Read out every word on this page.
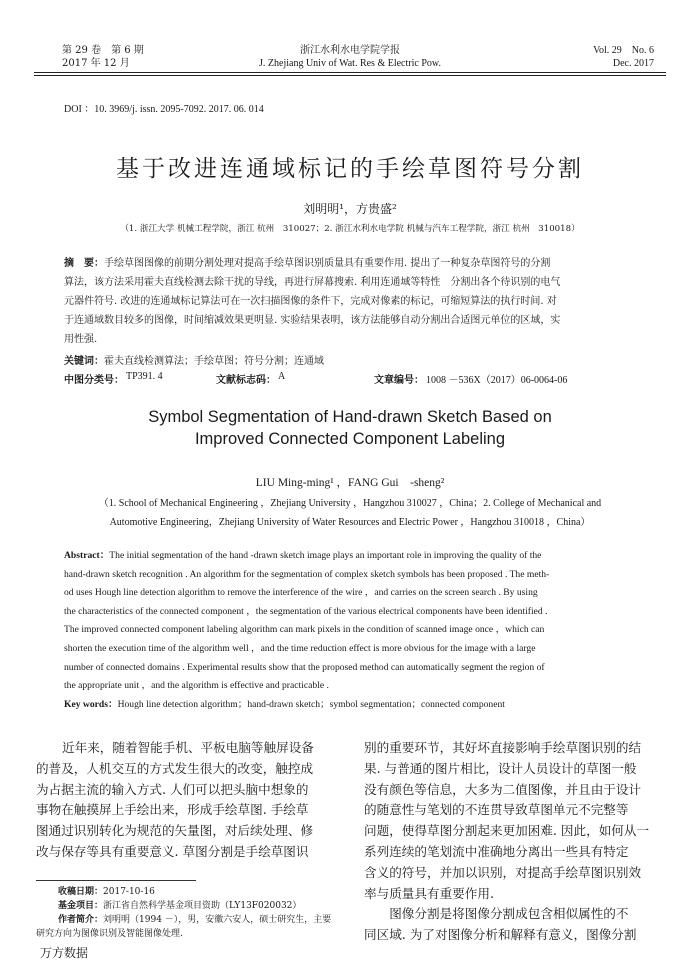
第 29 卷　第 6 期
2017 年 12 月
浙江水利水电学院学报
J. Zhejiang Univ of Wat. Res & Electric Pow.
Vol. 29　No. 6
Dec. 2017
DOI ：10. 3969/j. issn. 2095-7092. 2017. 06. 014
基于改进连通域标记的手绘草图符号分割
刘明明¹，方贵盛²
（1. 浙江大学 机械工程学院，浙江 杭州　310027；2. 浙江水利水电学院 机械与汽车工程学院，浙江 杭州　310018）
摘　要：手绘草图图像的前期分割处理对提高手绘草图识别质量具有重要作用. 提出了一种复杂草图符号的分割
算法，该方法采用霍夫直线检测去除干扰的导线，再进行屏幕搜索. 利用连通域等特性　分割出各个待识别的电气
元器件符号. 改进的连通域标记算法可在一次扫描图像的条件下，完成对像素的标记，可缩短算法的执行时间. 对
于连通域数目较多的图像，时间缩减效果更明显. 实验结果表明，该方法能够自动分割出合适图元单位的区域，实
用性强.
关键词：霍夫直线检测算法；手绘草图；符号分割；连通域
中图分类号： TP391. 4	文献标志码： A	文章编号： 1008 －536X（2017）06-0064-06
Symbol Segmentation of Hand-drawn Sketch Based on
Improved Connected Component Labeling
LIU Ming-ming¹ ，FANG Gui　-sheng²
（1. School of Mechanical Engineering ，Zhejiang University ，Hangzhou 310027 ，China；2. College of Mechanical and
Automotive Engineering，Zhejiang University of Water Resources and Electric Power ，Hangzhou 310018 ，China）
Abstract：The initial segmentation of the hand -drawn sketch image plays an important role in improving the quality of the
hand-drawn sketch recognition . An algorithm for the segmentation of complex sketch symbols has been proposed . The meth-
od uses Hough line detection algorithm to remove the interference of the wire ，and carries on the screen search . By using
the characteristics of the connected component ，the segmentation of the various electrical components have been identified .
The improved connected component labeling algorithm can mark pixels in the condition of scanned image once ，which can
shorten the execution time of the algorithm well ，and the time reduction effect is more obvious for the image with a large
number of connected domains . Experimental results show that the proposed method can automatically segment the region of
the appropriate unit ，and the algorithm is effective and practicable .
Key words：Hough line detection algorithm；hand-drawn sketch；symbol segmentation；connected component
近年来，随着智能手机、平板电脑等触屏设备
的普及，人机交互的方式发生很大的改变，触控成
为占据主流的输入方式. 人们可以把头脑中想象的
事物在触摸屏上手绘出来，形成手绘草图. 手绘草
图通过识别转化为规范的矢量图，对后续处理、修
改与保存等具有重要意义. 草图分割是手绘草图识
收稿日期：2017-10-16
基金项目：浙江省自然科学基金项目资助（LY13F020032）
作者简介：刘明明（1994 －），男，安徽六安人，硕士研究生，主要
研究方向为图像识别及智能图像处理.
万方数据
别的重要环节，其好坏直接影响手绘草图识别的结
果. 与普通的图片相比，设计人员设计的草图一般
没有颜色等信息，大多为二值图像，并且由于设计
的随意性与笔划的不连贯导致草图单元不完整等
问题，使得草图分割起来更加困难. 因此，如何从一
系列连续的笔划流中准确地分离出一些具有特定
含义的符号，并加以识别，对提高手绘草图识别效
率与质量具有重要作用.
　　图像分割是将图像分割成包含相似属性的不
同区域. 为了对图像分析和解释有意义，图像分割
